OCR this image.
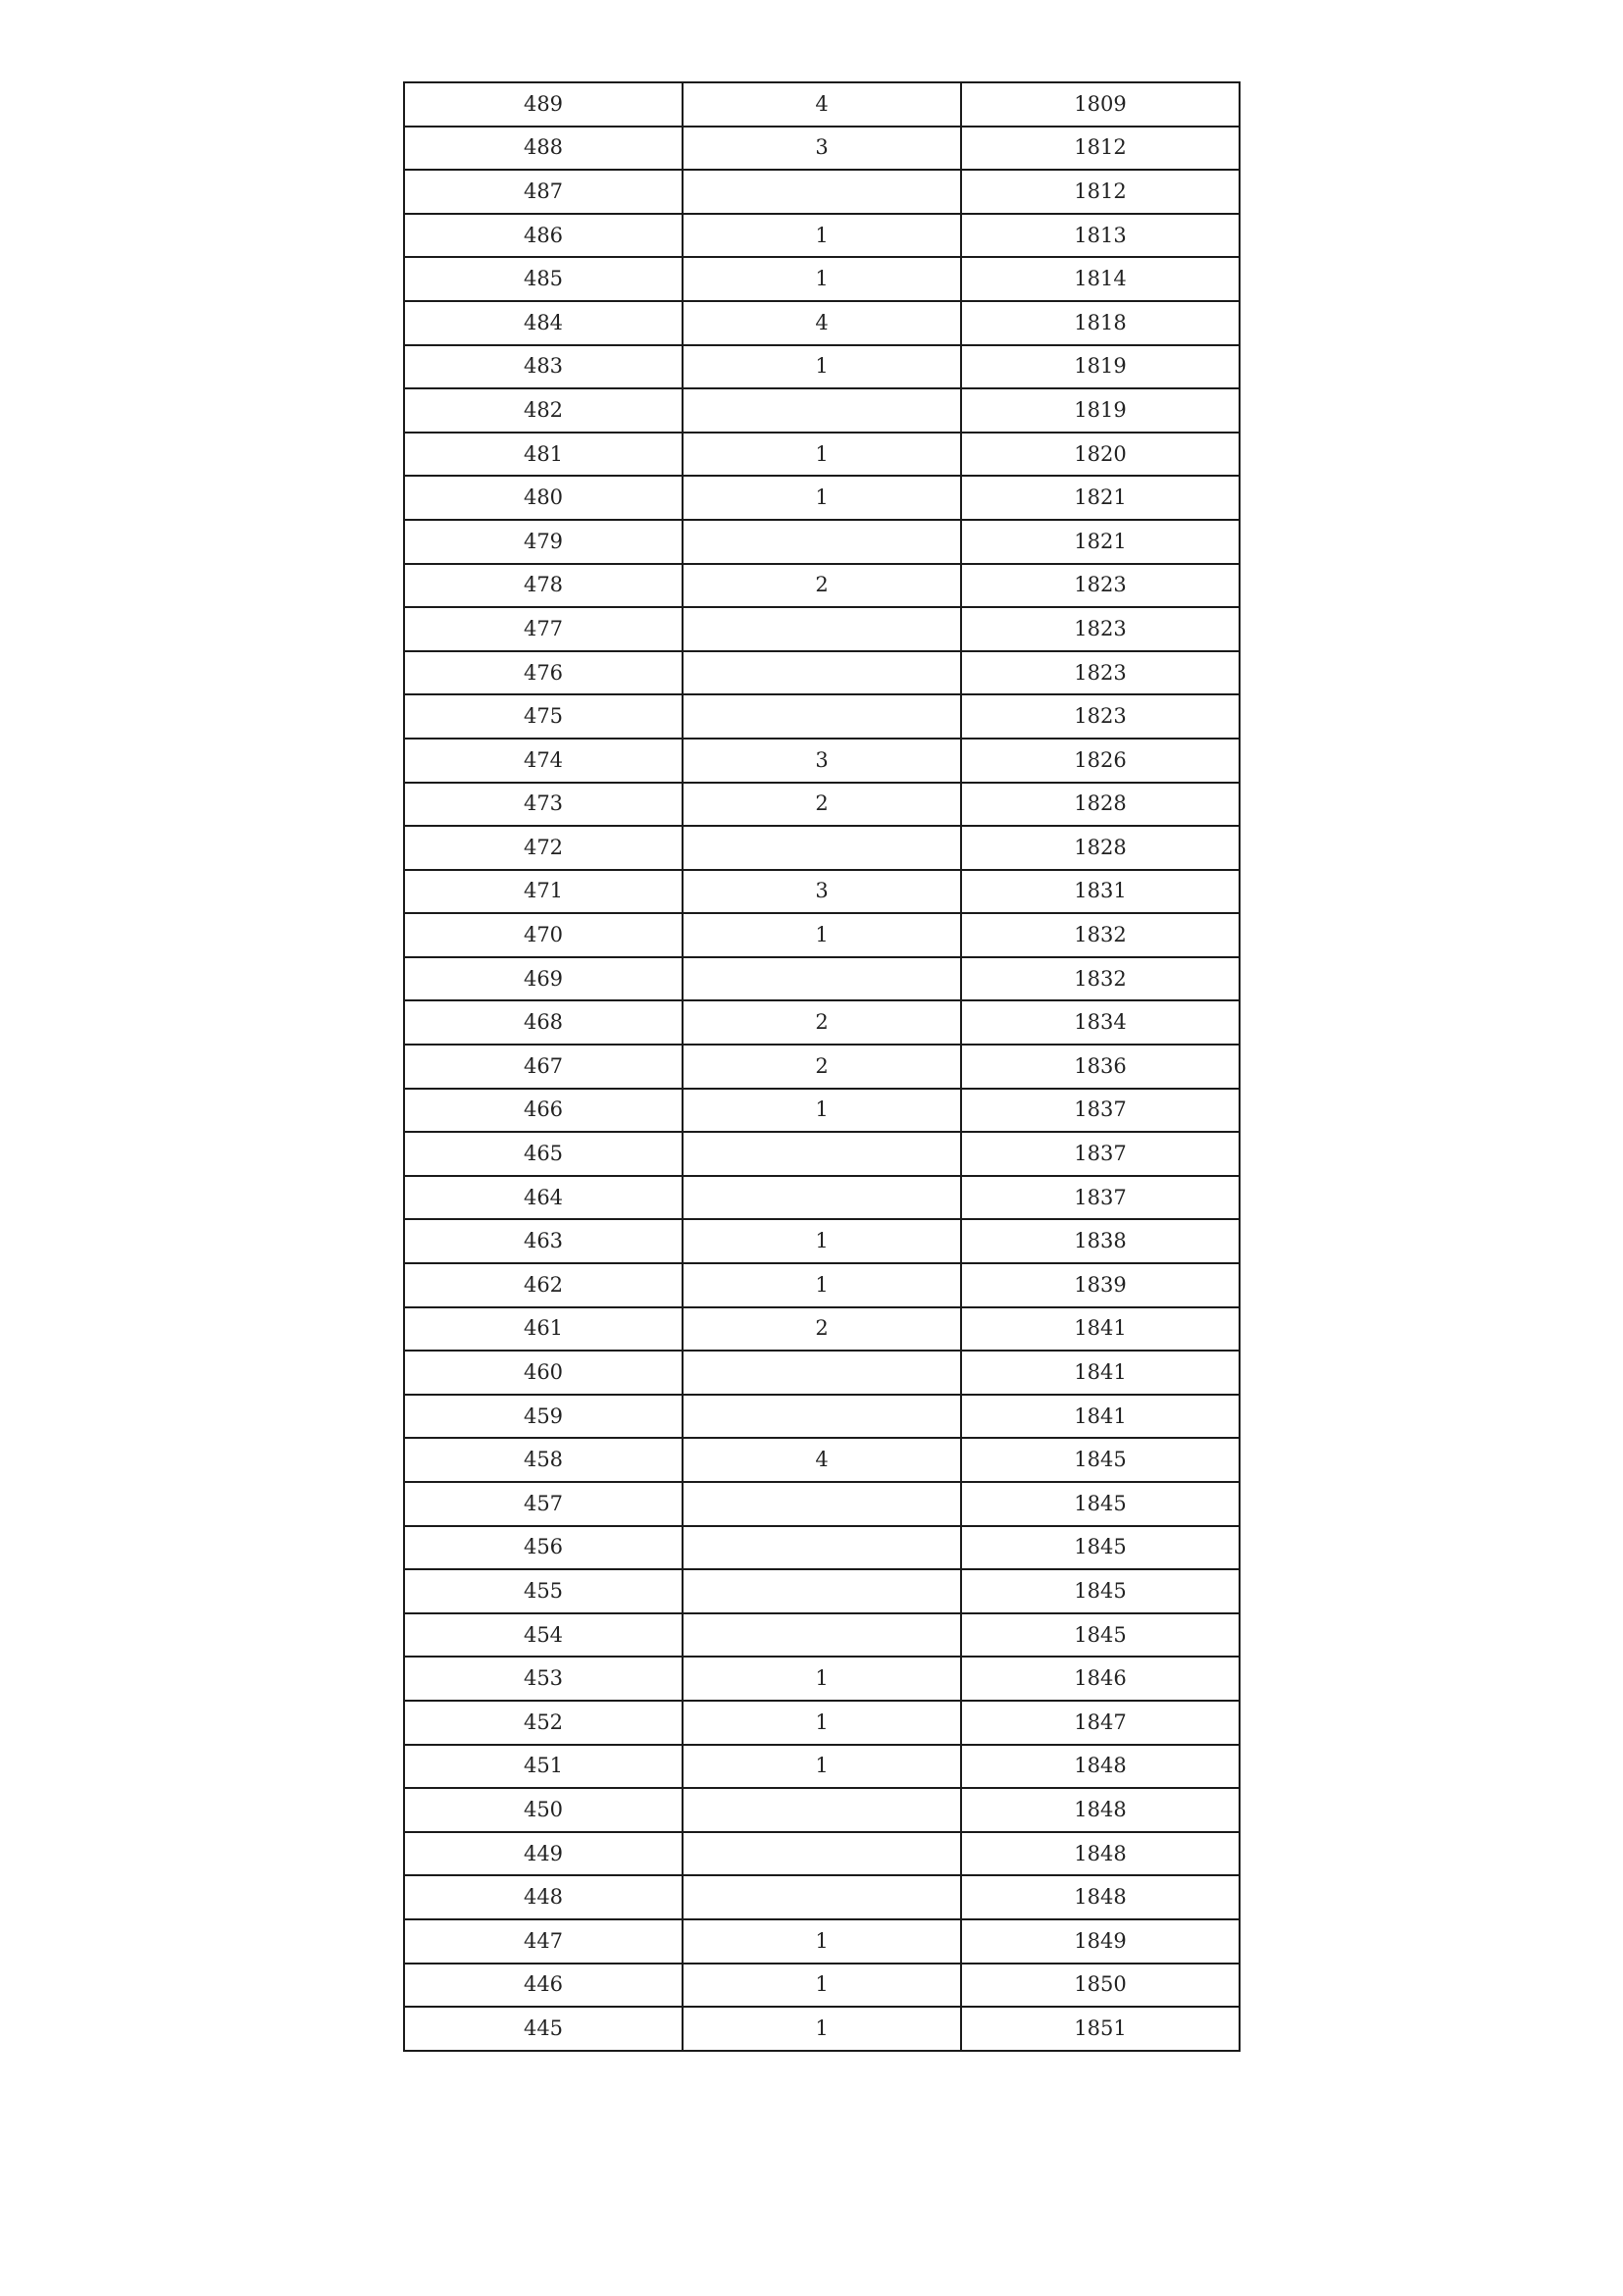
489	4	1809
488	3	1812
487		1812
486	1	1813
485	1	1814
484	4	1818
483	1	1819
482		1819
481	1	1820
480	1	1821
479		1821
478	2	1823
477		1823
476		1823
475		1823
474	3	1826
473	2	1828
472		1828
471	3	1831
470	1	1832
469		1832
468	2	1834
467	2	1836
466	1	1837
465		1837
464		1837
463	1	1838
462	1	1839
461	2	1841
460		1841
459		1841
458	4	1845
457		1845
456		1845
455		1845
454		1845
453	1	1846
452	1	1847
451	1	1848
450		1848
449		1848
448		1848
447	1	1849
446	1	1850
445	1	1851
